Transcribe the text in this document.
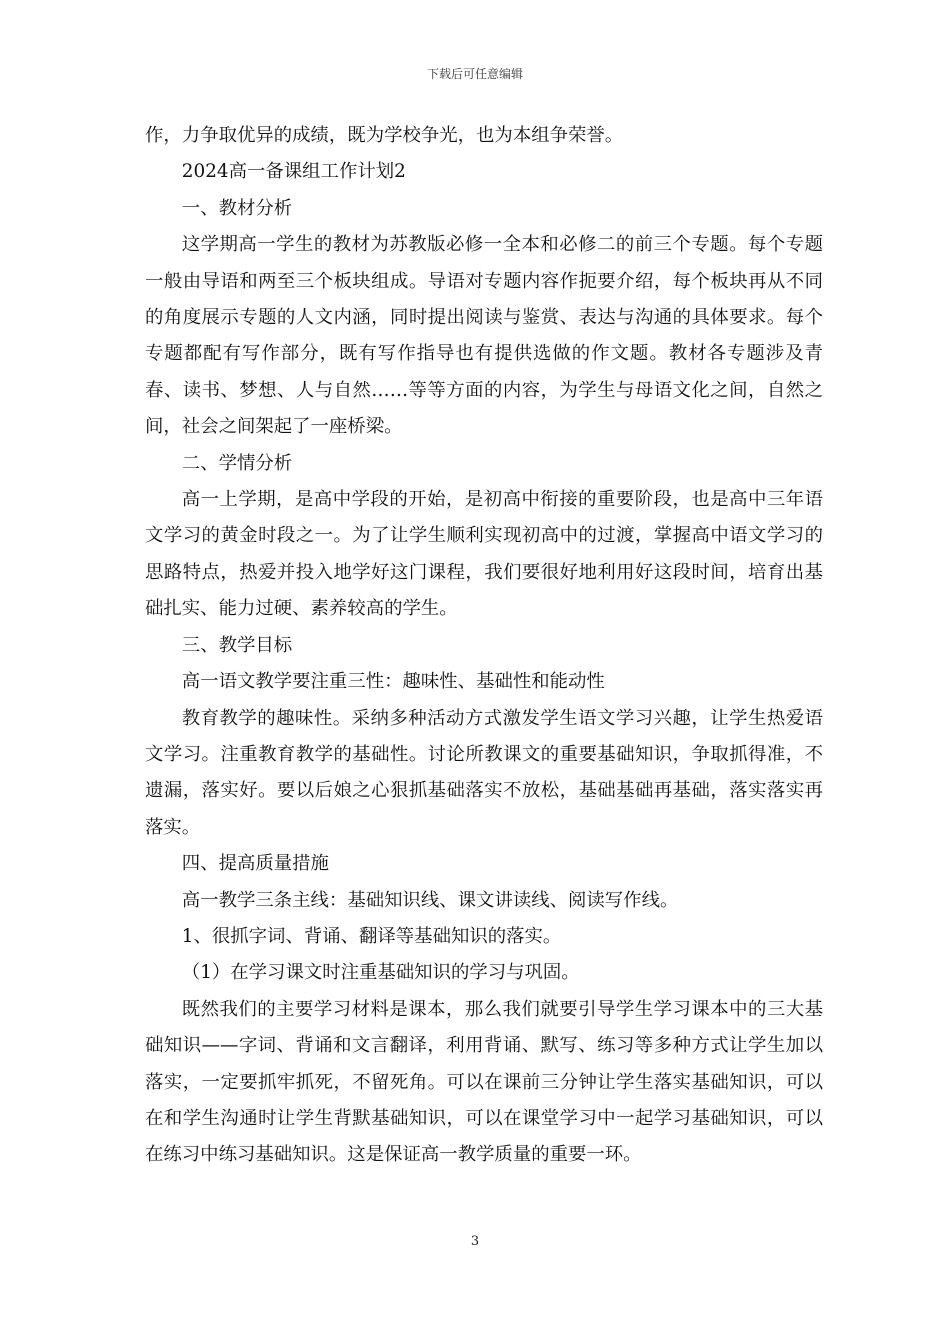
下载后可任意编辑

作，力争取优异的成绩，既为学校争光，也为本组争荣誉。

2024高一备课组工作计划2

一、教材分析

这学期高一学生的教材为苏教版必修一全本和必修二的前三个专题。每个专题一般由导语和两至三个板块组成。导语对专题内容作扼要介绍，每个板块再从不同的角度展示专题的人文内涵，同时提出阅读与鉴赏、表达与沟通的具体要求。每个专题都配有写作部分，既有写作指导也有提供选做的作文题。教材各专题涉及青春、读书、梦想、人与自然……等等方面的内容，为学生与母语文化之间，自然之间，社会之间架起了一座桥梁。

二、学情分析

高一上学期，是高中学段的开始，是初高中衔接的重要阶段，也是高中三年语文学习的黄金时段之一。为了让学生顺利实现初高中的过渡，掌握高中语文学习的思路特点，热爱并投入地学好这门课程，我们要很好地利用好这段时间，培育出基础扎实、能力过硬、素养较高的学生。

三、教学目标

高一语文教学要注重三性：趣味性、基础性和能动性

教育教学的趣味性。采纳多种活动方式激发学生语文学习兴趣，让学生热爱语文学习。注重教育教学的基础性。讨论所教课文的重要基础知识，争取抓得准，不遗漏，落实好。要以后娘之心狠抓基础落实不放松，基础基础再基础，落实落实再落实。

四、提高质量措施

高一教学三条主线：基础知识线、课文讲读线、阅读写作线。

1、很抓字词、背诵、翻译等基础知识的落实。

（1）在学习课文时注重基础知识的学习与巩固。

既然我们的主要学习材料是课本，那么我们就要引导学生学习课本中的三大基础知识——字词、背诵和文言翻译，利用背诵、默写、练习等多种方式让学生加以落实，一定要抓牢抓死，不留死角。可以在课前三分钟让学生落实基础知识，可以在和学生沟通时让学生背默基础知识，可以在课堂学习中一起学习基础知识，可以在练习中练习基础知识。这是保证高一教学质量的重要一环。

3
